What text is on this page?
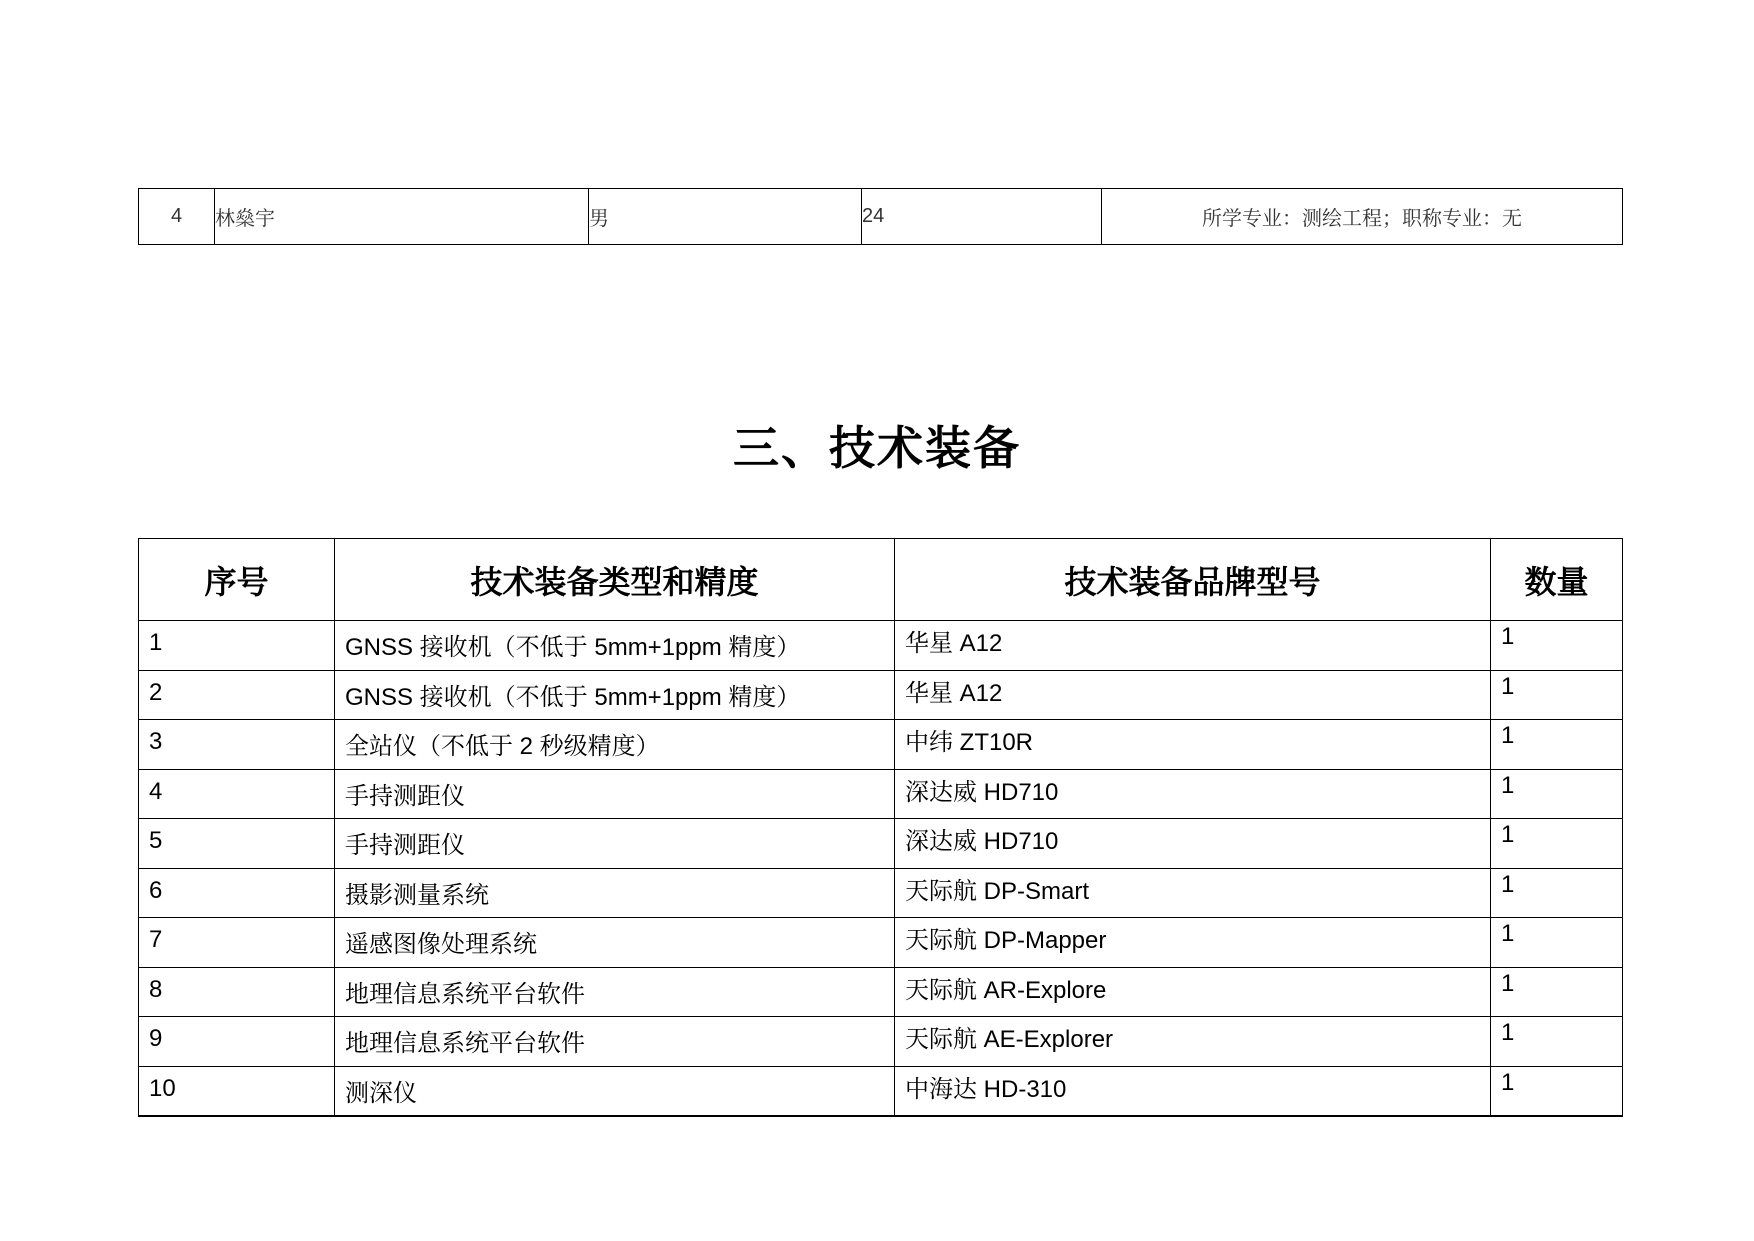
4	林燊宇	男	24	所学专业：测绘工程；职称专业：无
三、技术装备
序号	技术装备类型和精度	技术装备品牌型号	数量
1	GNSS 接收机（不低于 5mm+1ppm 精度）	华星 A12	1
2	GNSS 接收机（不低于 5mm+1ppm 精度）	华星 A12	1
3	全站仪（不低于 2 秒级精度）	中纬 ZT10R	1
4	手持测距仪	深达威 HD710	1
5	手持测距仪	深达威 HD710	1
6	摄影测量系统	天际航 DP-Smart	1
7	遥感图像处理系统	天际航 DP-Mapper	1
8	地理信息系统平台软件	天际航 AR-Explore	1
9	地理信息系统平台软件	天际航 AE-Explorer	1
10	测深仪	中海达 HD-310	1
